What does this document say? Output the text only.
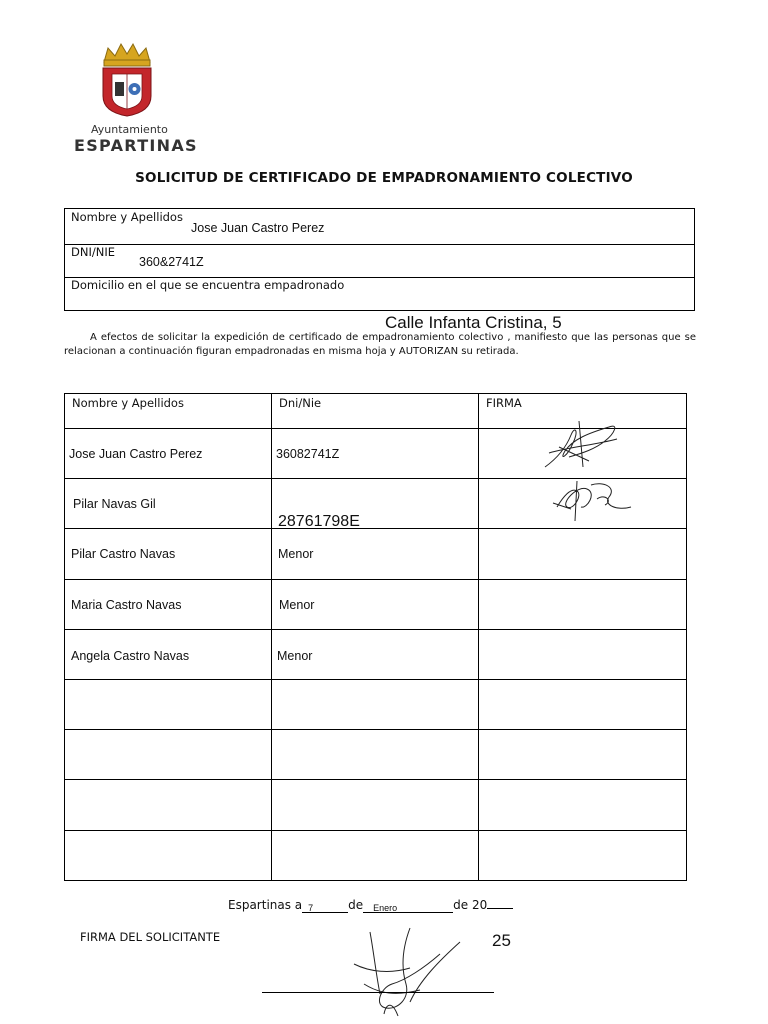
Ayuntamiento
ESPARTINAS
SOLICITUD DE CERTIFICADO DE EMPADRONAMIENTO COLECTIVO
Nombre y Apellidos
Jose Juan Castro Perez
DNI/NIE
360&2741Z
Domicilio en el que se encuentra empadronado
Calle Infanta Cristina, 5
A efectos de solicitar la expedición de certificado de empadronamiento colectivo , manifiesto que las personas que se relacionan a continuación figuran empadronadas en misma hoja y AUTORIZAN su retirada.
Nombre y Apellidos	Dni/Nie	FIRMA

Jose Juan Castro Perez	36082741Z

Pilar Navas Gil	28761798E

Pilar Castro Navas	Menor	

Maria Castro Navas	Menor	

Angela Castro Navas	Menor	

Espartinas a 7	de Enero	de 20
FIRMA DEL SOLICITANTE	25
